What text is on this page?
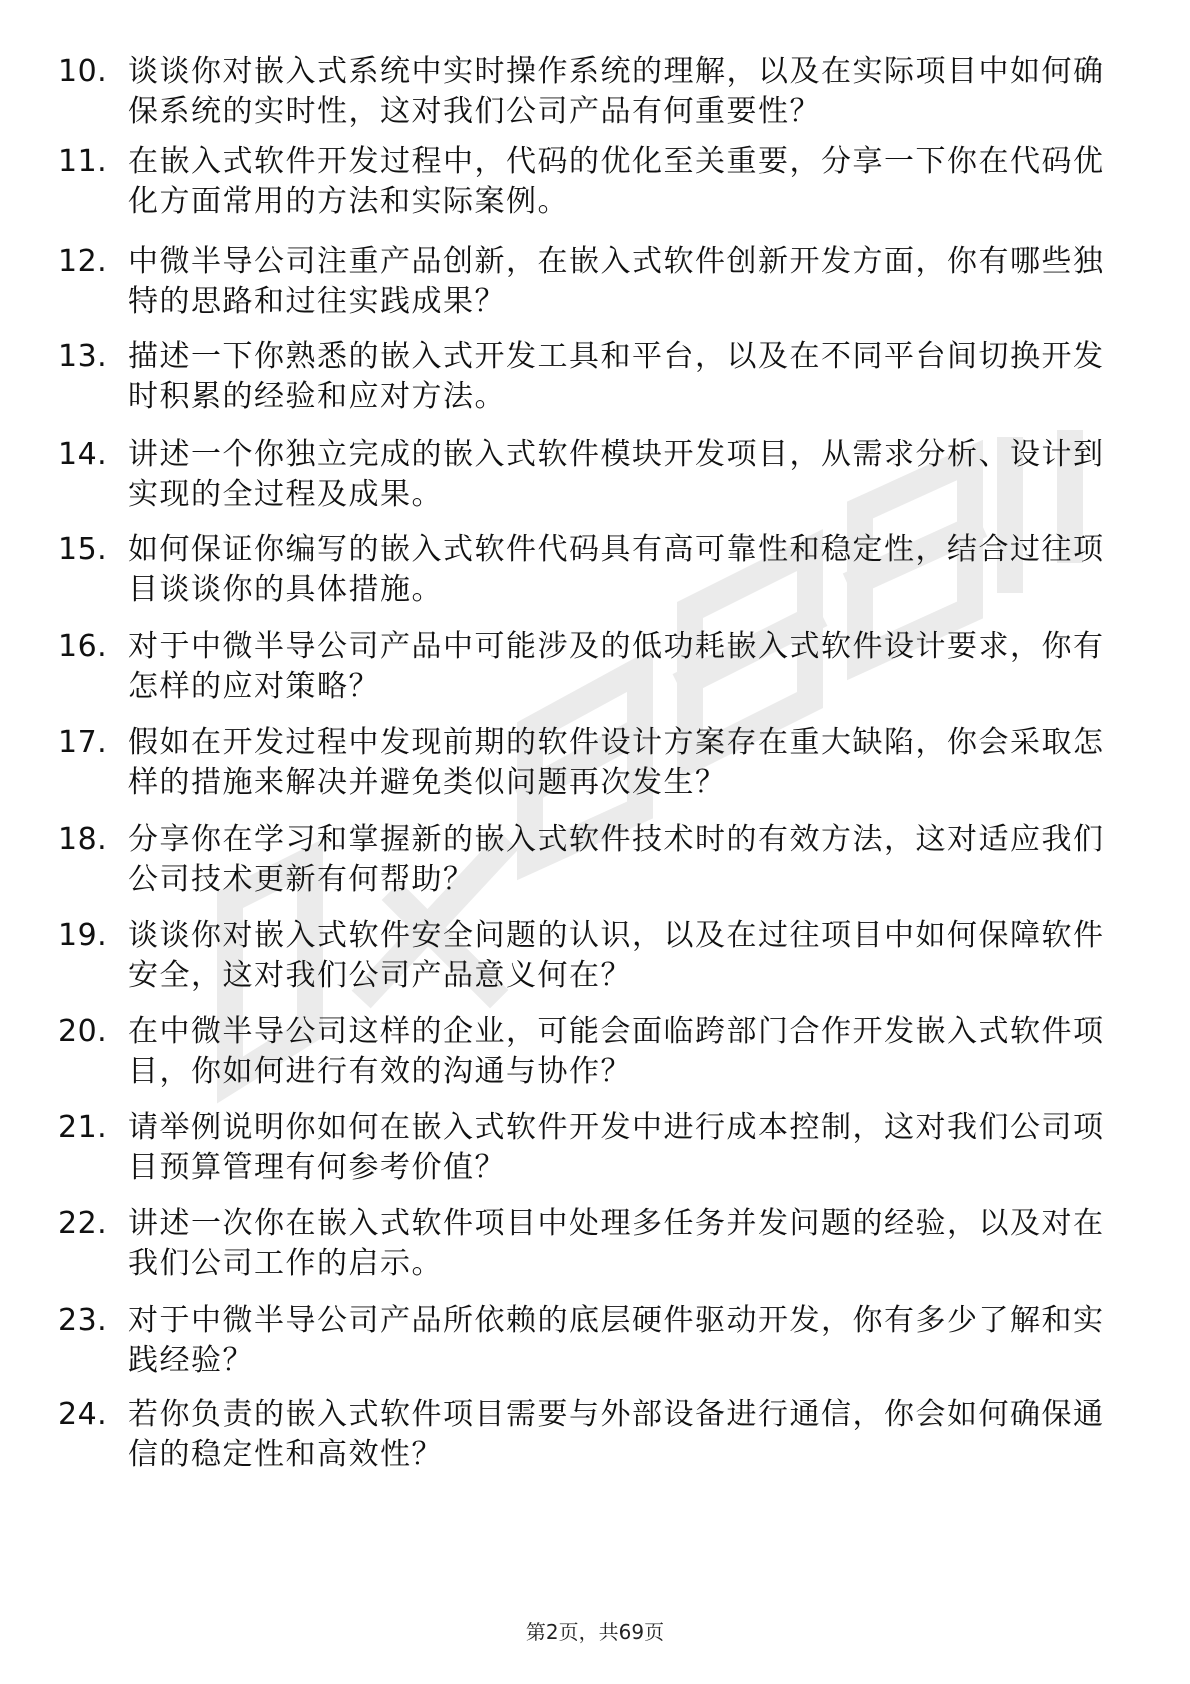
10. 谈谈你对嵌入式系统中实时操作系统的理解，以及在实际项目中如何确保系统的实时性，这对我们公司产品有何重要性？
11. 在嵌入式软件开发过程中，代码的优化至关重要，分享一下你在代码优化方面常用的方法和实际案例。
12. 中微半导公司注重产品创新，在嵌入式软件创新开发方面，你有哪些独特的思路和过往实践成果？
13. 描述一下你熟悉的嵌入式开发工具和平台，以及在不同平台间切换开发时积累的经验和应对方法。
14. 讲述一个你独立完成的嵌入式软件模块开发项目，从需求分析、设计到实现的全过程及成果。
15. 如何保证你编写的嵌入式软件代码具有高可靠性和稳定性，结合过往项目谈谈你的具体措施。
16. 对于中微半导公司产品中可能涉及的低功耗嵌入式软件设计要求，你有怎样的应对策略？
17. 假如在开发过程中发现前期的软件设计方案存在重大缺陷，你会采取怎样的措施来解决并避免类似问题再次发生？
18. 分享你在学习和掌握新的嵌入式软件技术时的有效方法，这对适应我们公司技术更新有何帮助？
19. 谈谈你对嵌入式软件安全问题的认识，以及在过往项目中如何保障软件安全，这对我们公司产品意义何在？
20. 在中微半导公司这样的企业，可能会面临跨部门合作开发嵌入式软件项目，你如何进行有效的沟通与协作？
21. 请举例说明你如何在嵌入式软件开发中进行成本控制，这对我们公司项目预算管理有何参考价值？
22. 讲述一次你在嵌入式软件项目中处理多任务并发问题的经验，以及对在我们公司工作的启示。
23. 对于中微半导公司产品所依赖的底层硬件驱动开发，你有多少了解和实践经验？
24. 若你负责的嵌入式软件项目需要与外部设备进行通信，你会如何确保通信的稳定性和高效性？
第2页，共69页
